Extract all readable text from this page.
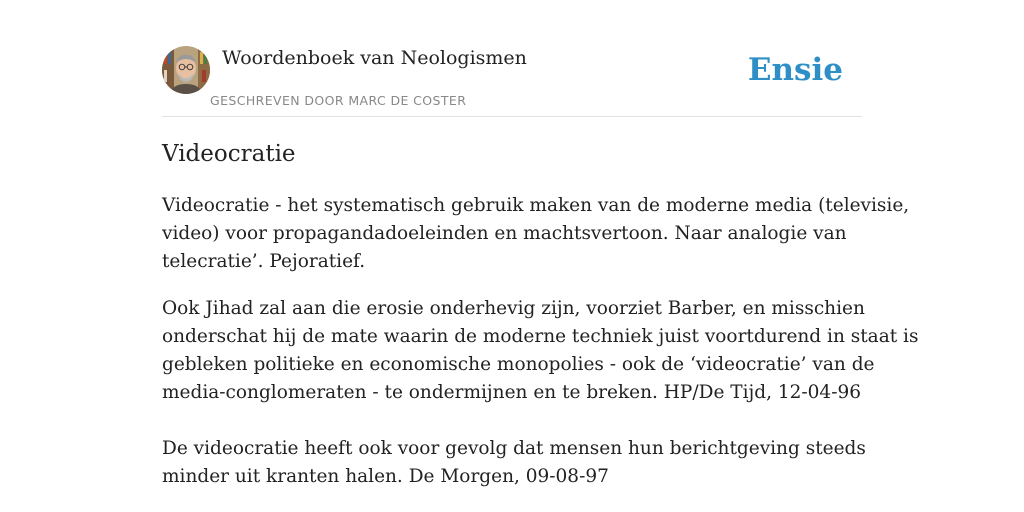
Woordenboek van Neologismen
GESCHREVEN DOOR MARC DE COSTER
Ensie
Videocratie

Videocratie - het systematisch gebruik maken van de moderne media (televisie,
video) voor propagandadoeleinden en machtsvertoon. Naar analogie van
telecratie’. Pejoratief.

Ook Jihad zal aan die erosie onderhevig zijn, voorziet Barber, en misschien
onderschat hij de mate waarin de moderne techniek juist voortdurend in staat is
gebleken politieke en economische monopolies - ook de ‘videocratie’ van de
media-conglomeraten - te ondermijnen en te breken. HP/De Tijd, 12-04-96

De videocratie heeft ook voor gevolg dat mensen hun berichtgeving steeds
minder uit kranten halen. De Morgen, 09-08-97
